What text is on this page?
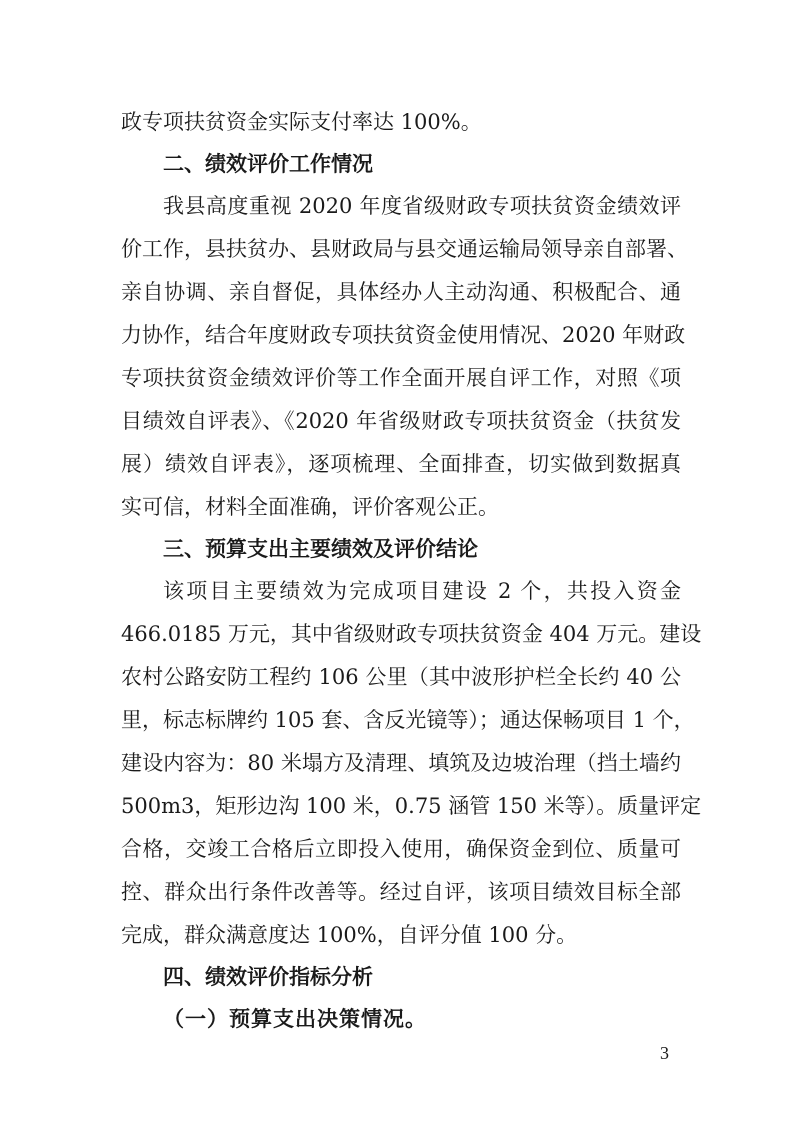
政专项扶贫资金实际支付率达 100%。
二、绩效评价工作情况
我县高度重视 2020 年度省级财政专项扶贫资金绩效评
价工作，县扶贫办、县财政局与县交通运输局领导亲自部署、
亲自协调、亲自督促，具体经办人主动沟通、积极配合、通
力协作，结合年度财政专项扶贫资金使用情况、2020 年财政
专项扶贫资金绩效评价等工作全面开展自评工作，对照《项
目绩效自评表》、《2020 年省级财政专项扶贫资金（扶贫发
展）绩效自评表》，逐项梳理、全面排查，切实做到数据真
实可信，材料全面准确，评价客观公正。
三、预算支出主要绩效及评价结论
该项目主要绩效为完成项目建设 2 个，共投入资金
466.0185 万元，其中省级财政专项扶贫资金 404 万元。建设
农村公路安防工程约 106 公里（其中波形护栏全长约 40 公
里，标志标牌约 105 套、含反光镜等）；通达保畅项目 1 个，
建设内容为：80 米塌方及清理、填筑及边坡治理（挡土墙约
500m3，矩形边沟 100 米，0.75 涵管 150 米等）。质量评定
合格，交竣工合格后立即投入使用，确保资金到位、质量可
控、群众出行条件改善等。经过自评，该项目绩效目标全部
完成，群众满意度达 100%，自评分值 100 分。
四、绩效评价指标分析
（一）预算支出决策情况。
3
